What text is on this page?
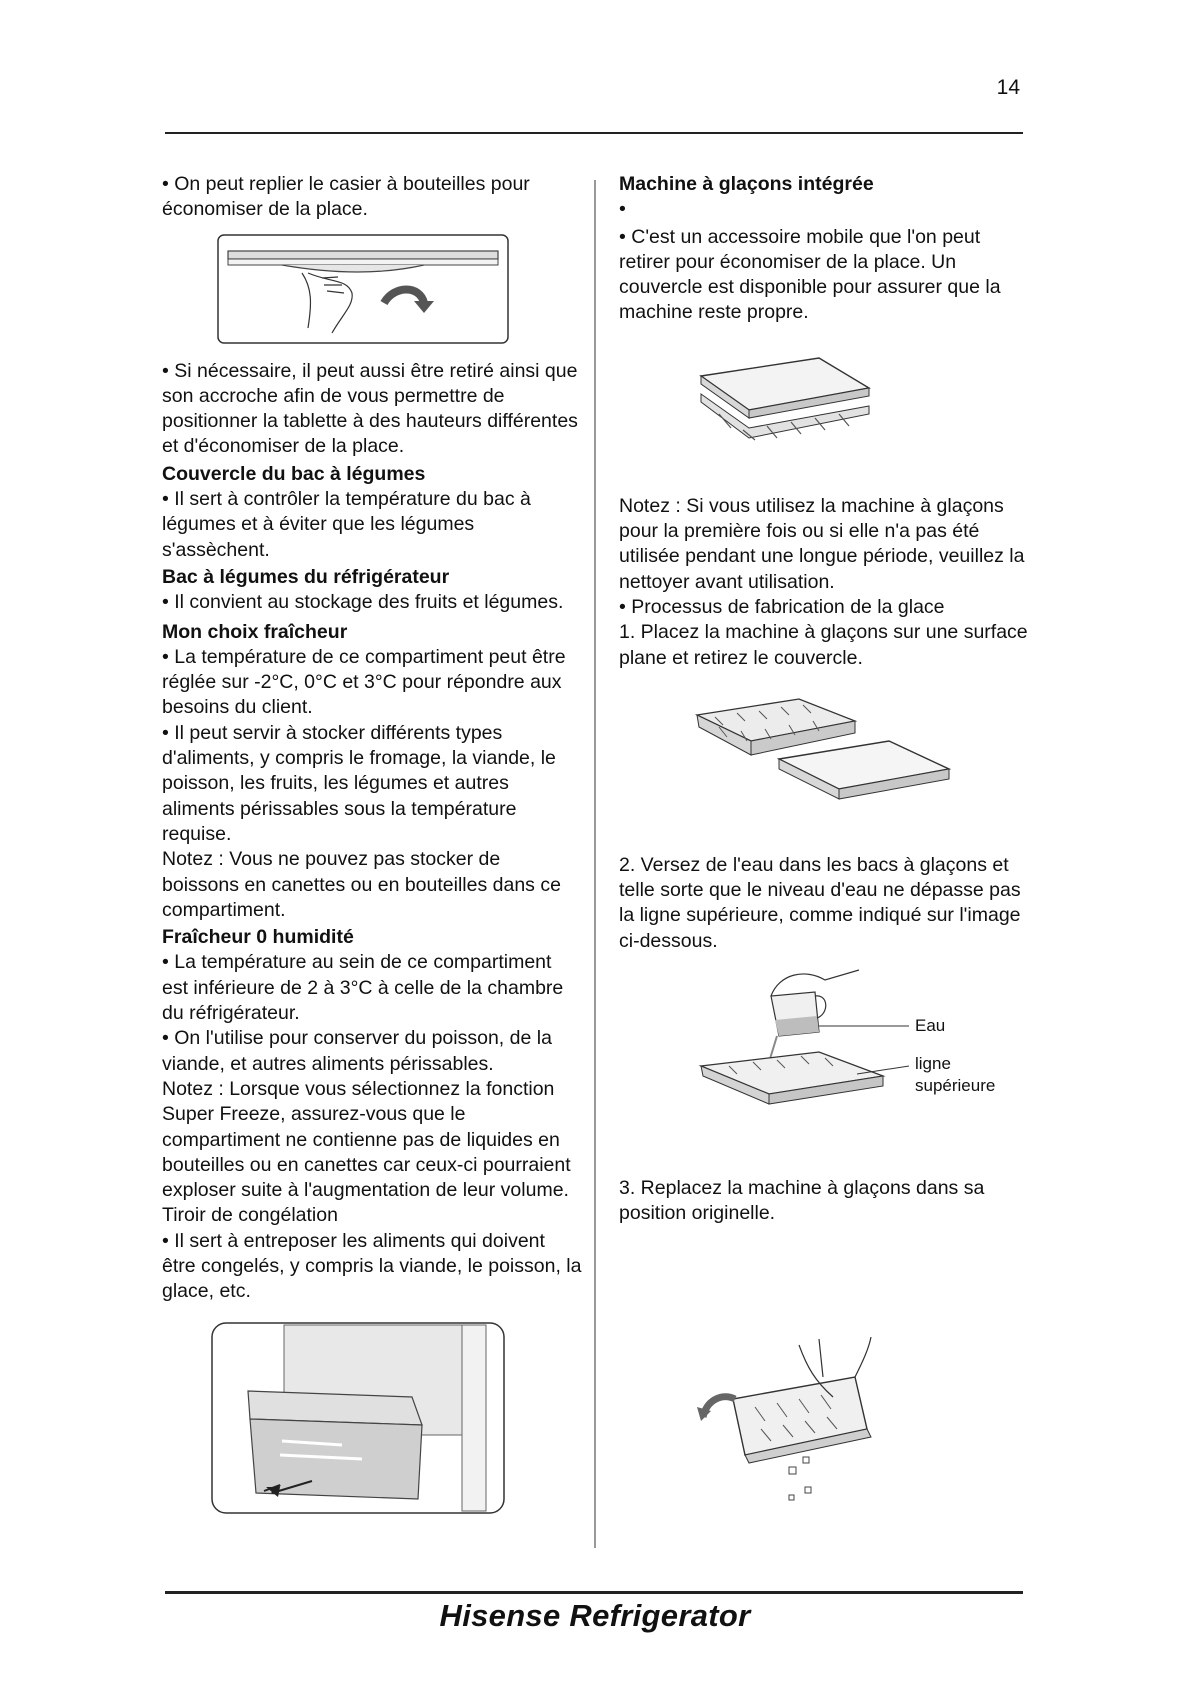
14

• On peut replier le casier à bouteilles pour économiser de la place.

• Si nécessaire, il peut aussi être retiré ainsi que son accroche afin de vous permettre de positionner la tablette à des hauteurs différentes et d'économiser de la place.

Couvercle du bac à légumes

• Il sert à contrôler la température du bac à légumes et à éviter que les légumes s'assèchent.

Bac à légumes du réfrigérateur

• Il convient au stockage des fruits et légumes.

Mon choix fraîcheur

• La température de ce compartiment peut être réglée sur -2°C, 0°C et 3°C pour répondre aux besoins du client.

• Il peut servir à stocker différents types d'aliments, y compris le fromage, la viande, le poisson, les fruits, les légumes et autres aliments périssables sous la température requise.

Notez : Vous ne pouvez pas stocker de boissons en canettes ou en bouteilles dans ce compartiment.

Fraîcheur 0 humidité

• La température au sein de ce compartiment est inférieure de 2 à 3°C à celle de la chambre du réfrigérateur.

• On l'utilise pour conserver du poisson, de la viande, et autres aliments périssables.

Notez : Lorsque vous sélectionnez la fonction Super Freeze, assurez-vous que le compartiment ne contienne pas de liquides en bouteilles ou en canettes car ceux-ci pourraient exploser suite à l'augmentation de leur volume.

Tiroir de congélation

• Il sert à entreposer les aliments qui doivent être congelés, y compris la viande, le poisson, la glace, etc.

Machine à glaçons intégrée

•

• C'est un accessoire mobile que l'on peut retirer pour économiser de la place. Un couvercle est disponible pour assurer que la machine reste propre.

Notez : Si vous utilisez la machine à glaçons pour la première fois ou si elle n'a pas été utilisée pendant une longue période, veuillez la nettoyer avant utilisation.

• Processus de fabrication de la glace

1. Placez la machine à glaçons sur une surface plane et retirez le couvercle.

2. Versez de l'eau dans les bacs à glaçons et telle sorte que le niveau d'eau ne dépasse pas la ligne supérieure, comme indiqué sur l'image ci-dessous.

Eau
ligne supérieure

3. Replacez la machine à glaçons dans sa position originelle.

Hisense Refrigerator
